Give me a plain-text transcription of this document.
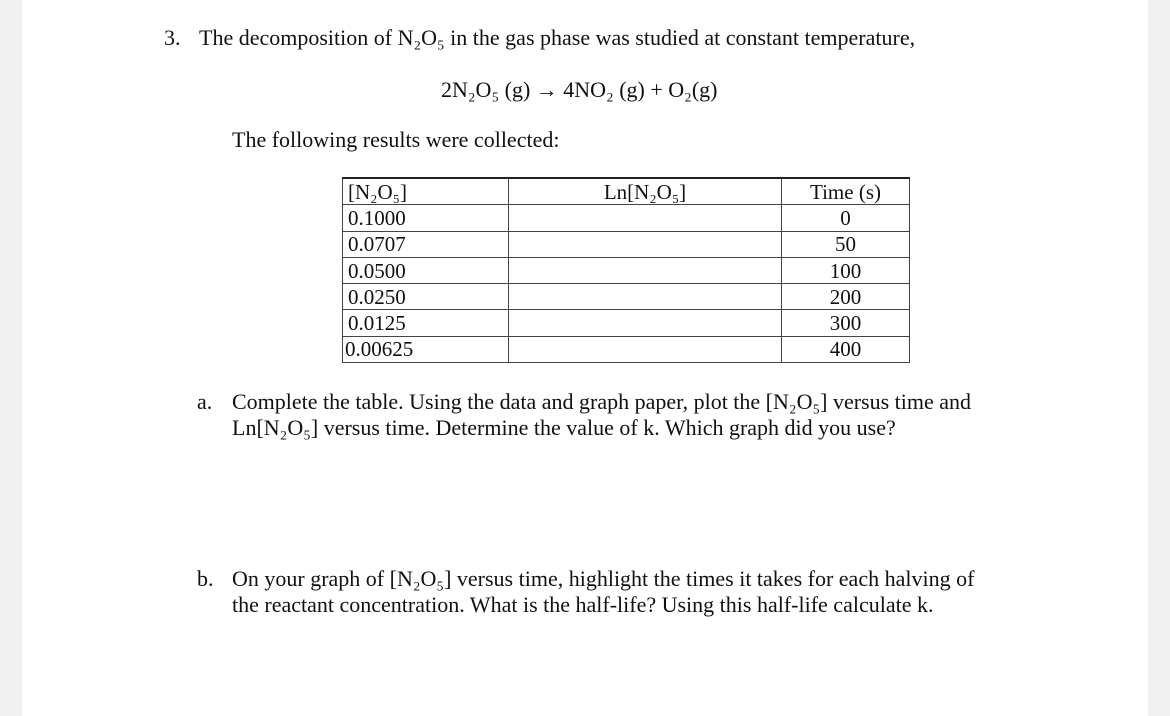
3. The decomposition of N₂O₅ in the gas phase was studied at constant temperature,
2N₂O₅ (g) → 4NO₂ (g) + O₂(g)
The following results were collected:
[N₂O₅]	Ln[N₂O₅]	Time (s)
0.1000		0
0.0707		50
0.0500		100
0.0250		200
0.0125		300
0.00625		400
a. Complete the table. Using the data and graph paper, plot the [N₂O₅] versus time and
Ln[N₂O₅] versus time. Determine the value of k. Which graph did you use?
b. On your graph of [N₂O₅] versus time, highlight the times it takes for each halving of
the reactant concentration. What is the half-life? Using this half-life calculate k.
